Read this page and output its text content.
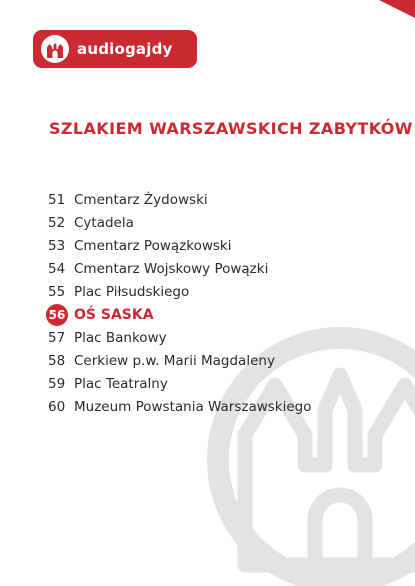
audiogajdy
SZLAKIEM WARSZAWSKICH ZABYTKÓW
51 Cmentarz Żydowski
52 Cytadela
53 Cmentarz Powązkowski
54 Cmentarz Wojskowy Powązki
55 Plac Piłsudskiego
56 OŚ SASKA
57 Plac Bankowy
58 Cerkiew p.w. Marii Magdaleny
59 Plac Teatralny
60 Muzeum Powstania Warszawskiego
